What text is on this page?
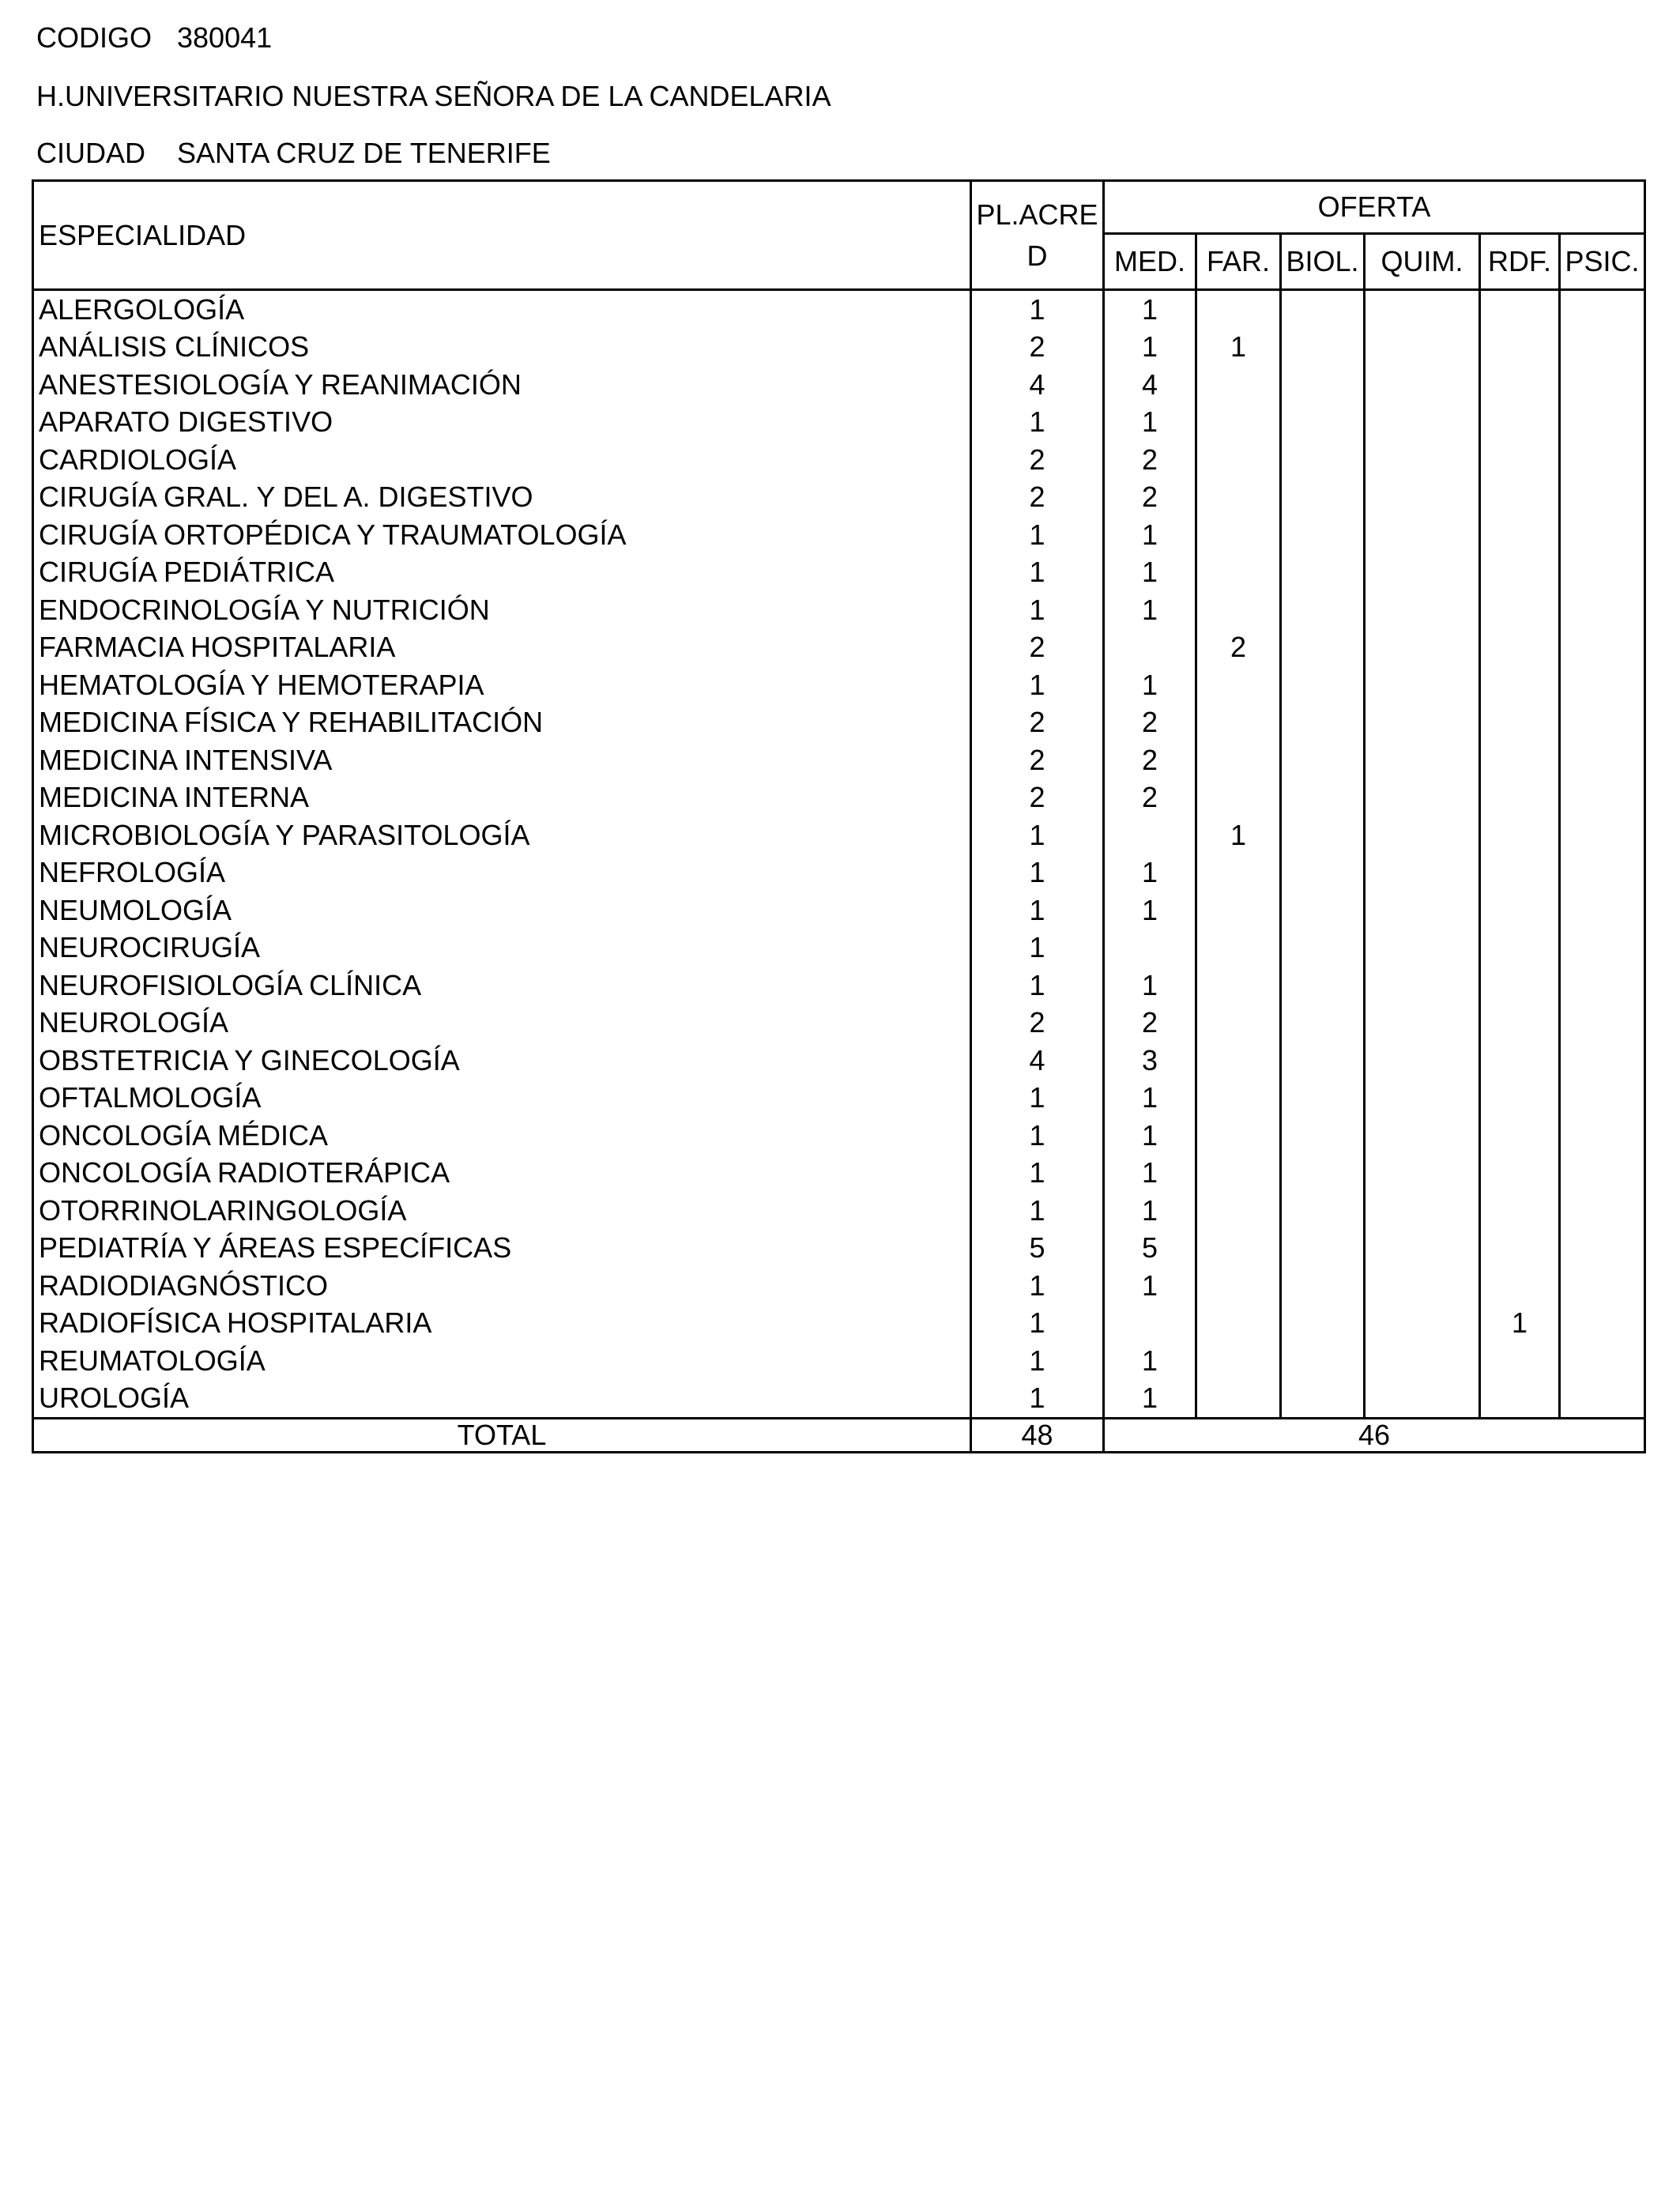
CODIGO 380041
H.UNIVERSITARIO NUESTRA SEÑORA DE LA CANDELARIA
CIUDAD SANTA CRUZ DE TENERIFE
ESPECIALIDAD	PL.ACRE D	OFERTA					
		MED.	FAR.	BIOL.	QUIM.	RDF.	PSIC.
ALERGOLOGÍA	1	1					
ANÁLISIS CLÍNICOS	2	1	1				
ANESTESIOLOGÍA Y REANIMACIÓN	4	4					
APARATO DIGESTIVO	1	1					
CARDIOLOGÍA	2	2					
CIRUGÍA GRAL. Y DEL A. DIGESTIVO	2	2					
CIRUGÍA ORTOPÉDICA Y TRAUMATOLOGÍA	1	1					
CIRUGÍA PEDIÁTRICA	1	1					
ENDOCRINOLOGÍA Y NUTRICIÓN	1	1					
FARMACIA HOSPITALARIA	2		2				
HEMATOLOGÍA Y HEMOTERAPIA	1	1					
MEDICINA FÍSICA Y REHABILITACIÓN	2	2					
MEDICINA INTENSIVA	2	2					
MEDICINA INTERNA	2	2					
MICROBIOLOGÍA Y PARASITOLOGÍA	1		1				
NEFROLOGÍA	1	1					
NEUMOLOGÍA	1	1					
NEUROCIRUGÍA	1						
NEUROFISIOLOGÍA CLÍNICA	1	1					
NEUROLOGÍA	2	2					
OBSTETRICIA Y GINECOLOGÍA	4	3					
OFTALMOLOGÍA	1	1					
ONCOLOGÍA MÉDICA	1	1					
ONCOLOGÍA RADIOTERÁPICA	1	1					
OTORRINOLARINGOLOGÍA	1	1					
PEDIATRÍA Y ÁREAS ESPECÍFICAS	5	5					
RADIODIAGNÓSTICO	1	1					
RADIOFÍSICA HOSPITALARIA	1					1	
REUMATOLOGÍA	1	1					
UROLOGÍA	1	1					
TOTAL	48	46					
